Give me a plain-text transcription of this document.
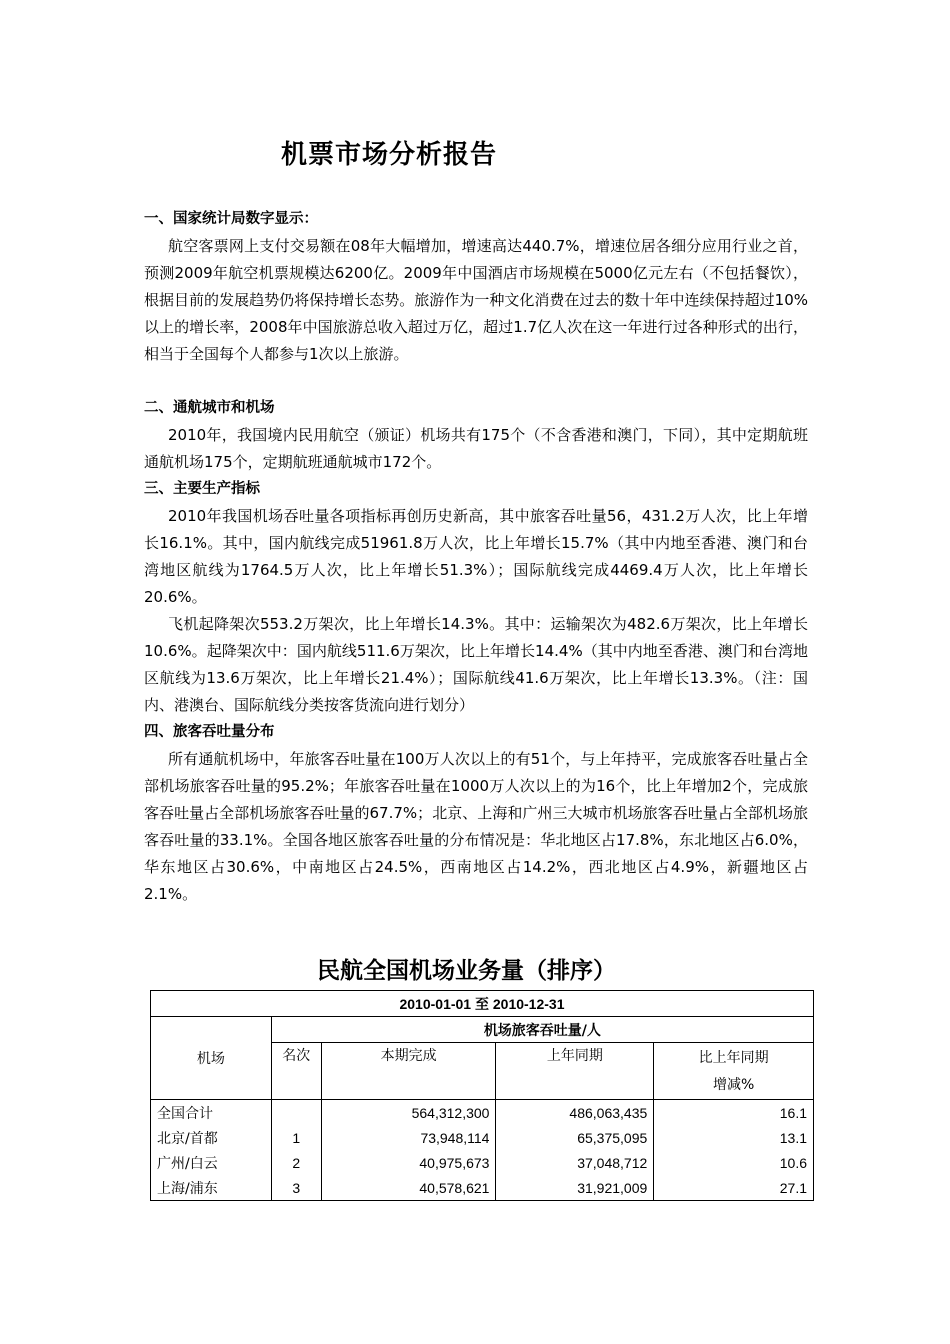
机票市场分析报告
一、国家统计局数字显示：
航空客票网上支付交易额在08年大幅增加，增速高达440.7%，增速位居各细分应用行业之首，预测2009年航空机票规模达6200亿。2009年中国酒店市场规模在5000亿元左右（不包括餐饮），根据目前的发展趋势仍将保持增长态势。旅游作为一种文化消费在过去的数十年中连续保持超过10%以上的增长率，2008年中国旅游总收入超过万亿，超过1.7亿人次在这一年进行过各种形式的出行，相当于全国每个人都参与1次以上旅游。
二、通航城市和机场
2010年，我国境内民用航空（颁证）机场共有175个（不含香港和澳门，下同），其中定期航班通航机场175个，定期航班通航城市172个。
三、主要生产指标
2010年我国机场吞吐量各项指标再创历史新高，其中旅客吞吐量56，431.2万人次，比上年增长16.1%。其中，国内航线完成51961.8万人次，比上年增长15.7%（其中内地至香港、澳门和台湾地区航线为1764.5万人次，比上年增长51.3%）；国际航线完成4469.4万人次，比上年增长20.6%。
飞机起降架次553.2万架次，比上年增长14.3%。其中：运输架次为482.6万架次，比上年增长10.6%。起降架次中：国内航线511.6万架次，比上年增长14.4%（其中内地至香港、澳门和台湾地区航线为13.6万架次，比上年增长21.4%）；国际航线41.6万架次，比上年增长13.3%。（注：国内、港澳台、国际航线分类按客货流向进行划分）
四、旅客吞吐量分布
所有通航机场中，年旅客吞吐量在100万人次以上的有51个，与上年持平，完成旅客吞吐量占全部机场旅客吞吐量的95.2%；年旅客吞吐量在1000万人次以上的为16个，比上年增加2个，完成旅客吞吐量占全部机场旅客吞吐量的67.7%；北京、上海和广州三大城市机场旅客吞吐量占全部机场旅客吞吐量的33.1%。全国各地区旅客吞吐量的分布情况是：华北地区占17.8%，东北地区占6.0%，华东地区占30.6%，中南地区占24.5%，西南地区占14.2%，西北地区占4.9%，新疆地区占2.1%。
民航全国机场业务量（排序）
2010-01-01 至 2010-12-31				
机场	机场旅客吞吐量/人			
	名次	本期完成	上年同期	比上年同期
增减%

全国合计		564,312,300	486,063,435	16.1
北京/首都	1	73,948,114	65,375,095	13.1
广州/白云	2	40,975,673	37,048,712	10.6
上海/浦东	3	40,578,621	31,921,009	27.1
